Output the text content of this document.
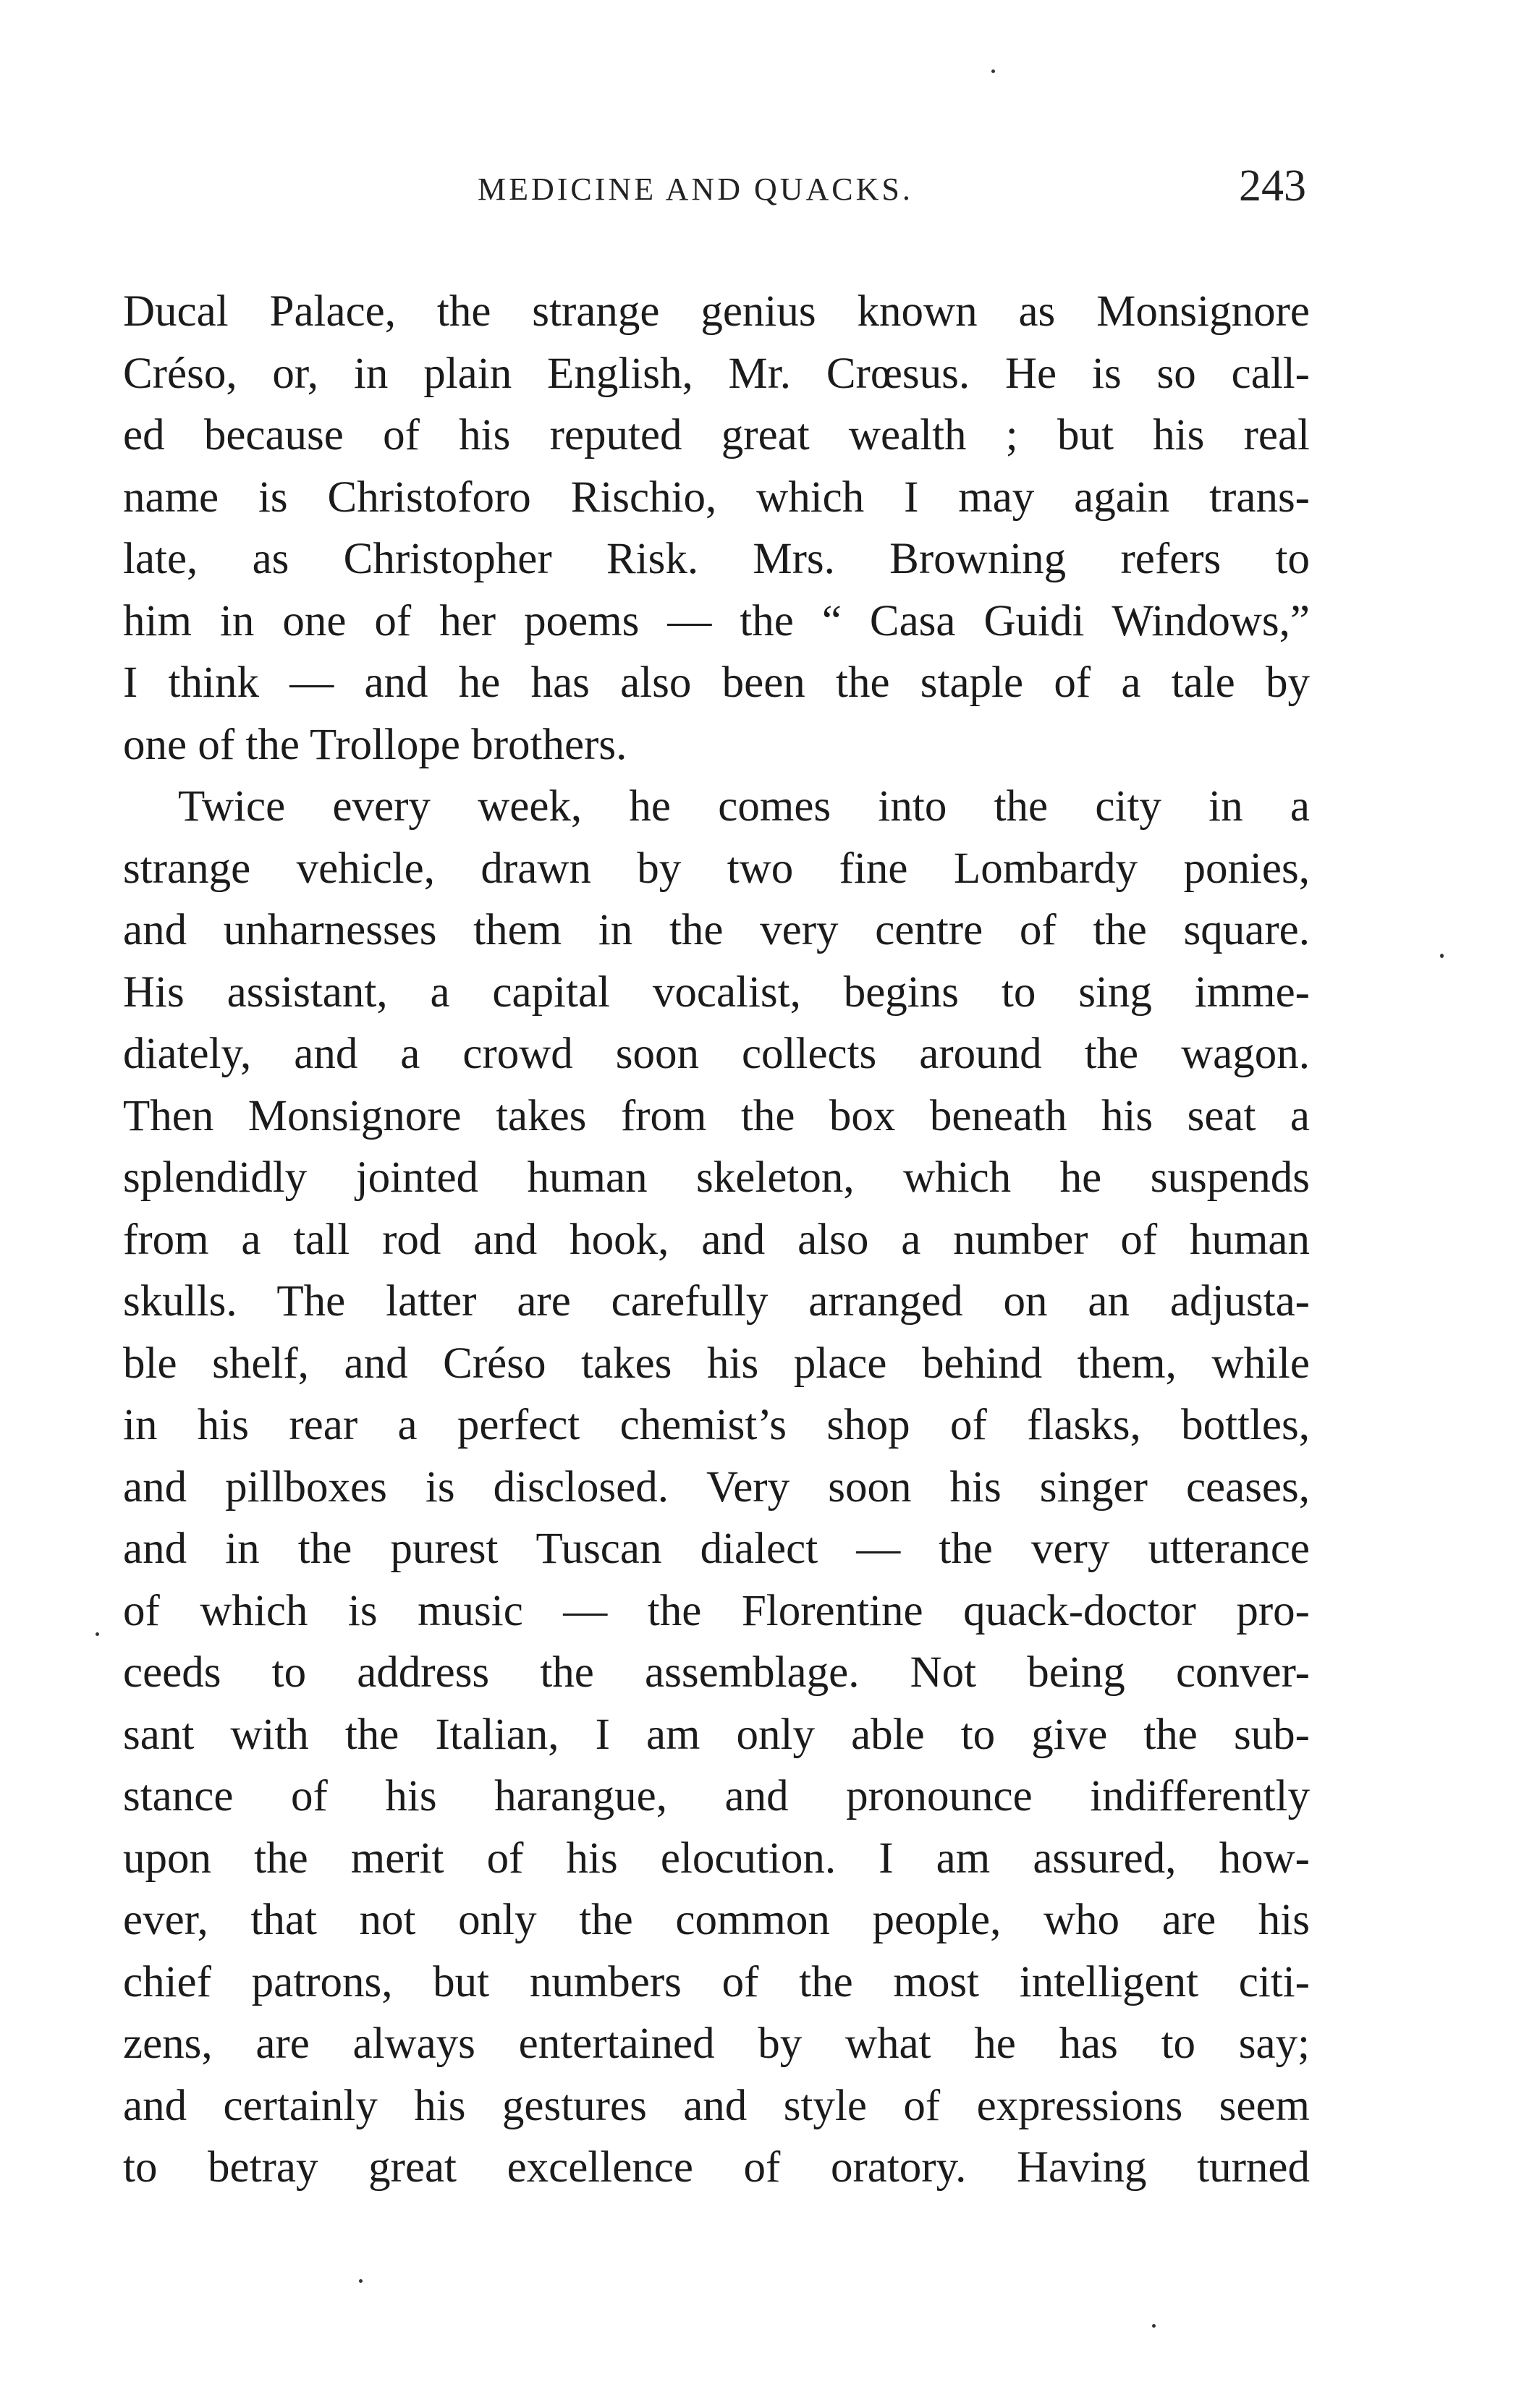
MEDICINE AND QUACKS.	243
Ducal Palace, the strange genius known as Monsignore
Créso, or, in plain English, Mr. Crœsus. He is so call-
ed because of his reputed great wealth ; but his real
name is Christoforo Rischio, which I may again trans-
late, as Christopher Risk. Mrs. Browning refers to
him in one of her poems — the “ Casa Guidi Windows,”
I think — and he has also been the staple of a tale by
one of the Trollope brothers.
Twice every week, he comes into the city in a
strange vehicle, drawn by two fine Lombardy ponies,
and unharnesses them in the very centre of the square.
His assistant, a capital vocalist, begins to sing imme-
diately, and a crowd soon collects around the wagon.
Then Monsignore takes from the box beneath his seat a
splendidly jointed human skeleton, which he suspends
from a tall rod and hook, and also a number of human
skulls. The latter are carefully arranged on an adjusta-
ble shelf, and Créso takes his place behind them, while
in his rear a perfect chemist’s shop of flasks, bottles,
and pillboxes is disclosed. Very soon his singer ceases,
and in the purest Tuscan dialect — the very utterance
of which is music — the Florentine quack-doctor pro-
ceeds to address the assemblage. Not being conver-
sant with the Italian, I am only able to give the sub-
stance of his harangue, and pronounce indifferently
upon the merit of his elocution. I am assured, how-
ever, that not only the common people, who are his
chief patrons, but numbers of the most intelligent citi-
zens, are always entertained by what he has to say;
and certainly his gestures and style of expressions seem
to betray great excellence of oratory. Having turned
